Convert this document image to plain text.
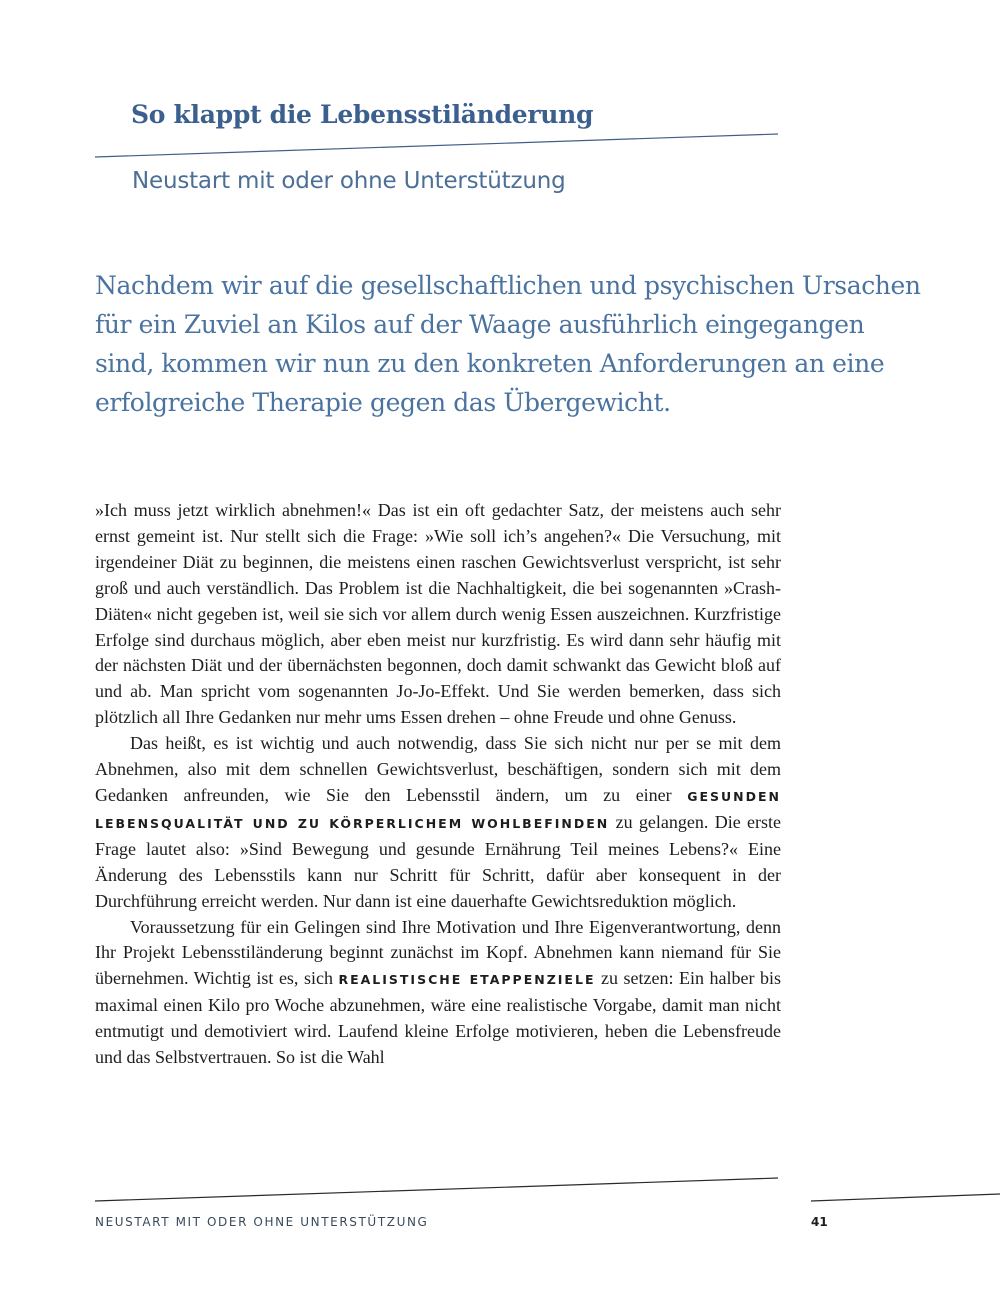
So klappt die Lebensstiländerung
Neustart mit oder ohne Unterstützung
Nachdem wir auf die gesellschaftlichen und psychischen Ursachen
für ein Zuviel an Kilos auf der Waage ausführlich eingegangen
sind, kommen wir nun zu den konkreten Anforderungen an eine
erfolgreiche Therapie gegen das Übergewicht.

»Ich muss jetzt wirklich abnehmen!« Das ist ein oft gedachter Satz, der meistens auch sehr ernst gemeint ist. Nur stellt sich die Frage: »Wie soll ich’s angehen?« Die Versuchung, mit irgendeiner Diät zu beginnen, die meistens einen raschen Gewichtsverlust verspricht, ist sehr groß und auch verständlich. Das Problem ist die Nachhaltigkeit, die bei sogenannten »Crash-Diäten« nicht gegeben ist, weil sie sich vor allem durch wenig Essen auszeichnen. Kurzfristige Erfolge sind durchaus möglich, aber eben meist nur kurzfristig. Es wird dann sehr häufig mit der nächsten Diät und der übernächsten begonnen, doch damit schwankt das Gewicht bloß auf und ab. Man spricht vom sogenannten Jo-Jo-Effekt. Und Sie werden bemerken, dass sich plötzlich all Ihre Gedanken nur mehr ums Essen drehen – ohne Freude und ohne Genuss.

Das heißt, es ist wichtig und auch notwendig, dass Sie sich nicht nur per se mit dem Abnehmen, also mit dem schnellen Gewichtsverlust, beschäftigen, sondern sich mit dem Gedanken anfreunden, wie Sie den Lebensstil ändern, um zu einer GESUNDEN LEBENSQUALITÄT UND ZU KÖRPERLICHEM WOHLBEFINDEN zu gelangen. Die erste Frage lautet also: »Sind Bewegung und gesunde Ernährung Teil meines Lebens?« Eine Änderung des Lebensstils kann nur Schritt für Schritt, dafür aber konsequent in der Durchführung erreicht werden. Nur dann ist eine dauerhafte Gewichtsreduktion möglich.

Voraussetzung für ein Gelingen sind Ihre Motivation und Ihre Eigenverantwortung, denn Ihr Projekt Lebensstiländerung beginnt zunächst im Kopf. Abnehmen kann niemand für Sie übernehmen. Wichtig ist es, sich REALISTISCHE ETAPPENZIELE zu setzen: Ein halber bis maximal einen Kilo pro Woche abzunehmen, wäre eine realistische Vorgabe, damit man nicht entmutigt und demotiviert wird. Laufend kleine Erfolge motivieren, heben die Lebensfreude und das Selbstvertrauen. So ist die Wahl

NEUSTART MIT ODER OHNE UNTERSTÜTZUNG	41
